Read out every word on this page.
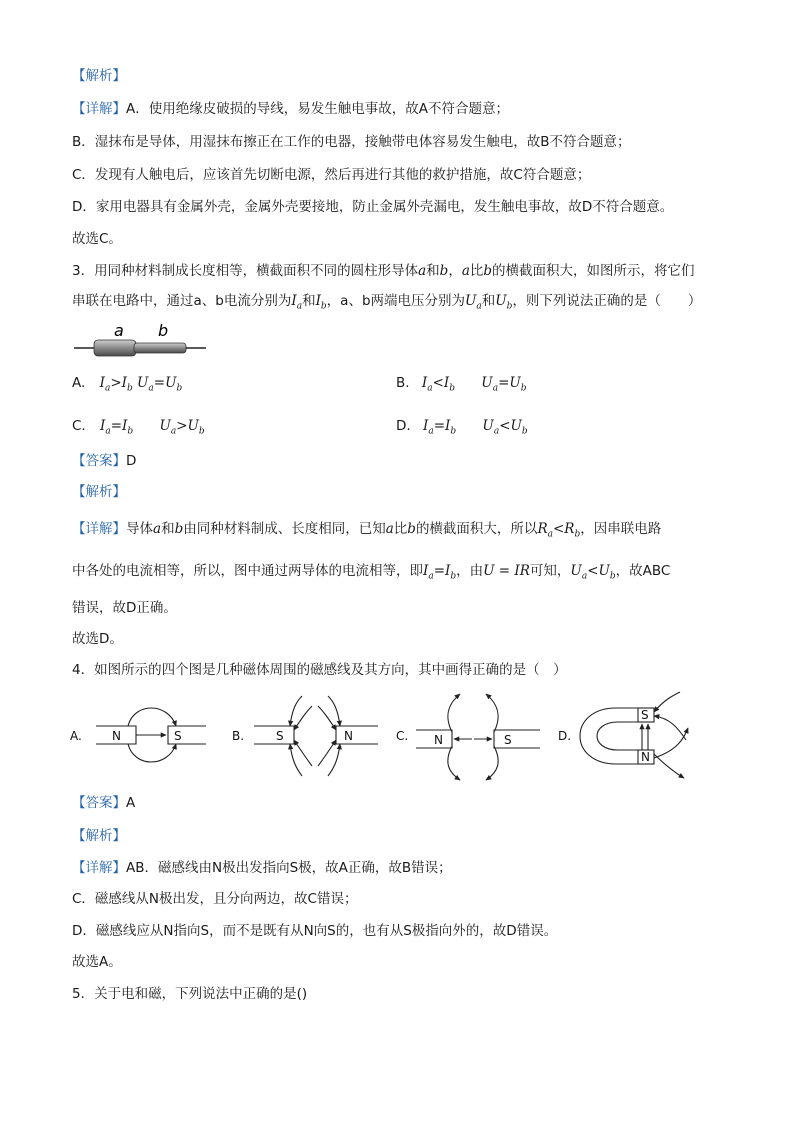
【解析】
【详解】A．使用绝缘皮破损的导线，易发生触电事故，故A不符合题意；
B．湿抹布是导体，用湿抹布擦正在工作的电器，接触带电体容易发生触电，故B不符合题意；
C．发现有人触电后，应该首先切断电源，然后再进行其他的救护措施，故C符合题意；
D．家用电器具有金属外壳，金属外壳要接地，防止金属外壳漏电，发生触电事故，故D不符合题意。
故选C。
3．用同种材料制成长度相等，横截面积不同的圆柱形导体a和b，a比b的横截面积大，如图所示，将它们
串联在电路中，通过a、b电流分别为$I_a$和$I_b$，a、b两端电压分别为$U_a$和$U_b$，则下列说法正确的是（　　）
a b
A. $I_a>I_b$ $U_a=U_b$	B. $I_a<I_b$ $U_a=U_b$
C. $I_a=I_b$ $U_a>U_b$	D. $I_a=I_b$ $U_a<U_b$
【答案】D
【解析】
【详解】导体a和b由同种材料制成、长度相同，已知a比b的横截面积大，所以$R_a<R_b$，因串联电路
中各处的电流相等，所以，图中通过两导体的电流相等，即$I_a=I_b$，由U = IR可知，$U_a<U_b$，故ABC
错误，故D正确。
故选D。
4．如图所示的四个图是几种磁体周围的磁感线及其方向，其中画得正确的是（　）
A.	N	S	B.	S	N	C. N	S	D.
S
N
【答案】A
【解析】
【详解】AB．磁感线由N极出发指向S极，故A正确，故B错误；
C．磁感线从N极出发，且分向两边，故C错误；
D．磁感线应从N指向S，而不是既有从N向S的，也有从S极指向外的，故D错误。
故选A。
5．关于电和磁，下列说法中正确的是()
